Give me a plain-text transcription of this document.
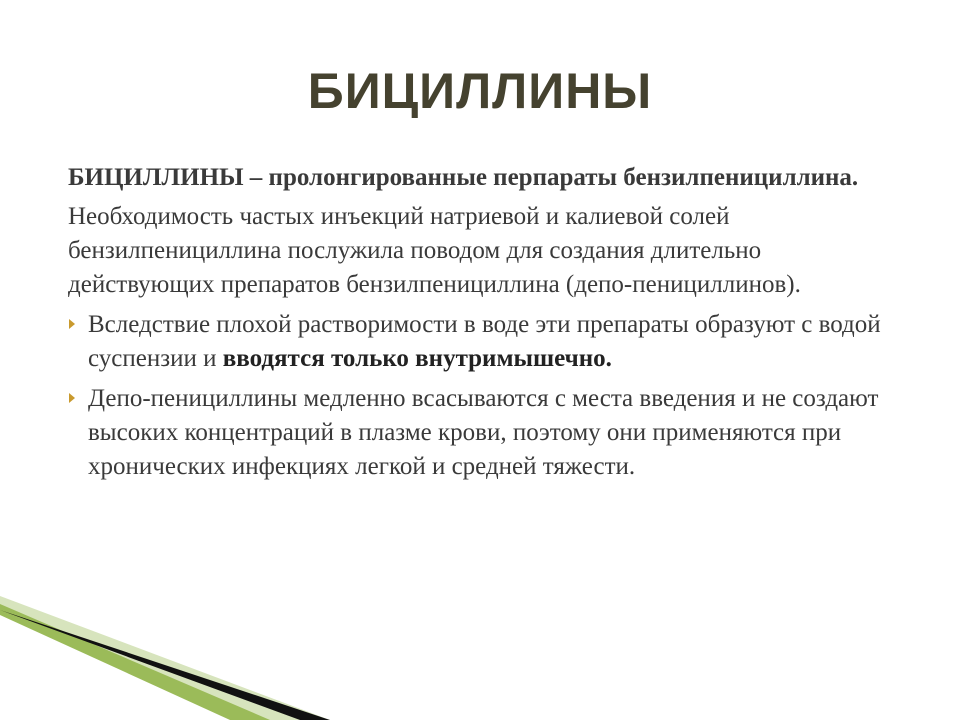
БИЦИЛЛИНЫ

БИЦИЛЛИНЫ – пролонгированные перпараты бензилпенициллина.

Необходимость частых инъекций натриевой и калиевой солей бензилпенициллина послужила поводом для создания длительно действующих препаратов бензилпенициллина (депо-пенициллинов).

Вследствие плохой растворимости в воде эти препараты образуют с водой суспензии и вводятся только внутримышечно.
Депо-пенициллины медленно всасываются с места введения и не создают высоких концентраций в плазме крови, поэтому они применяются при хронических инфекциях легкой и средней тяжести.
